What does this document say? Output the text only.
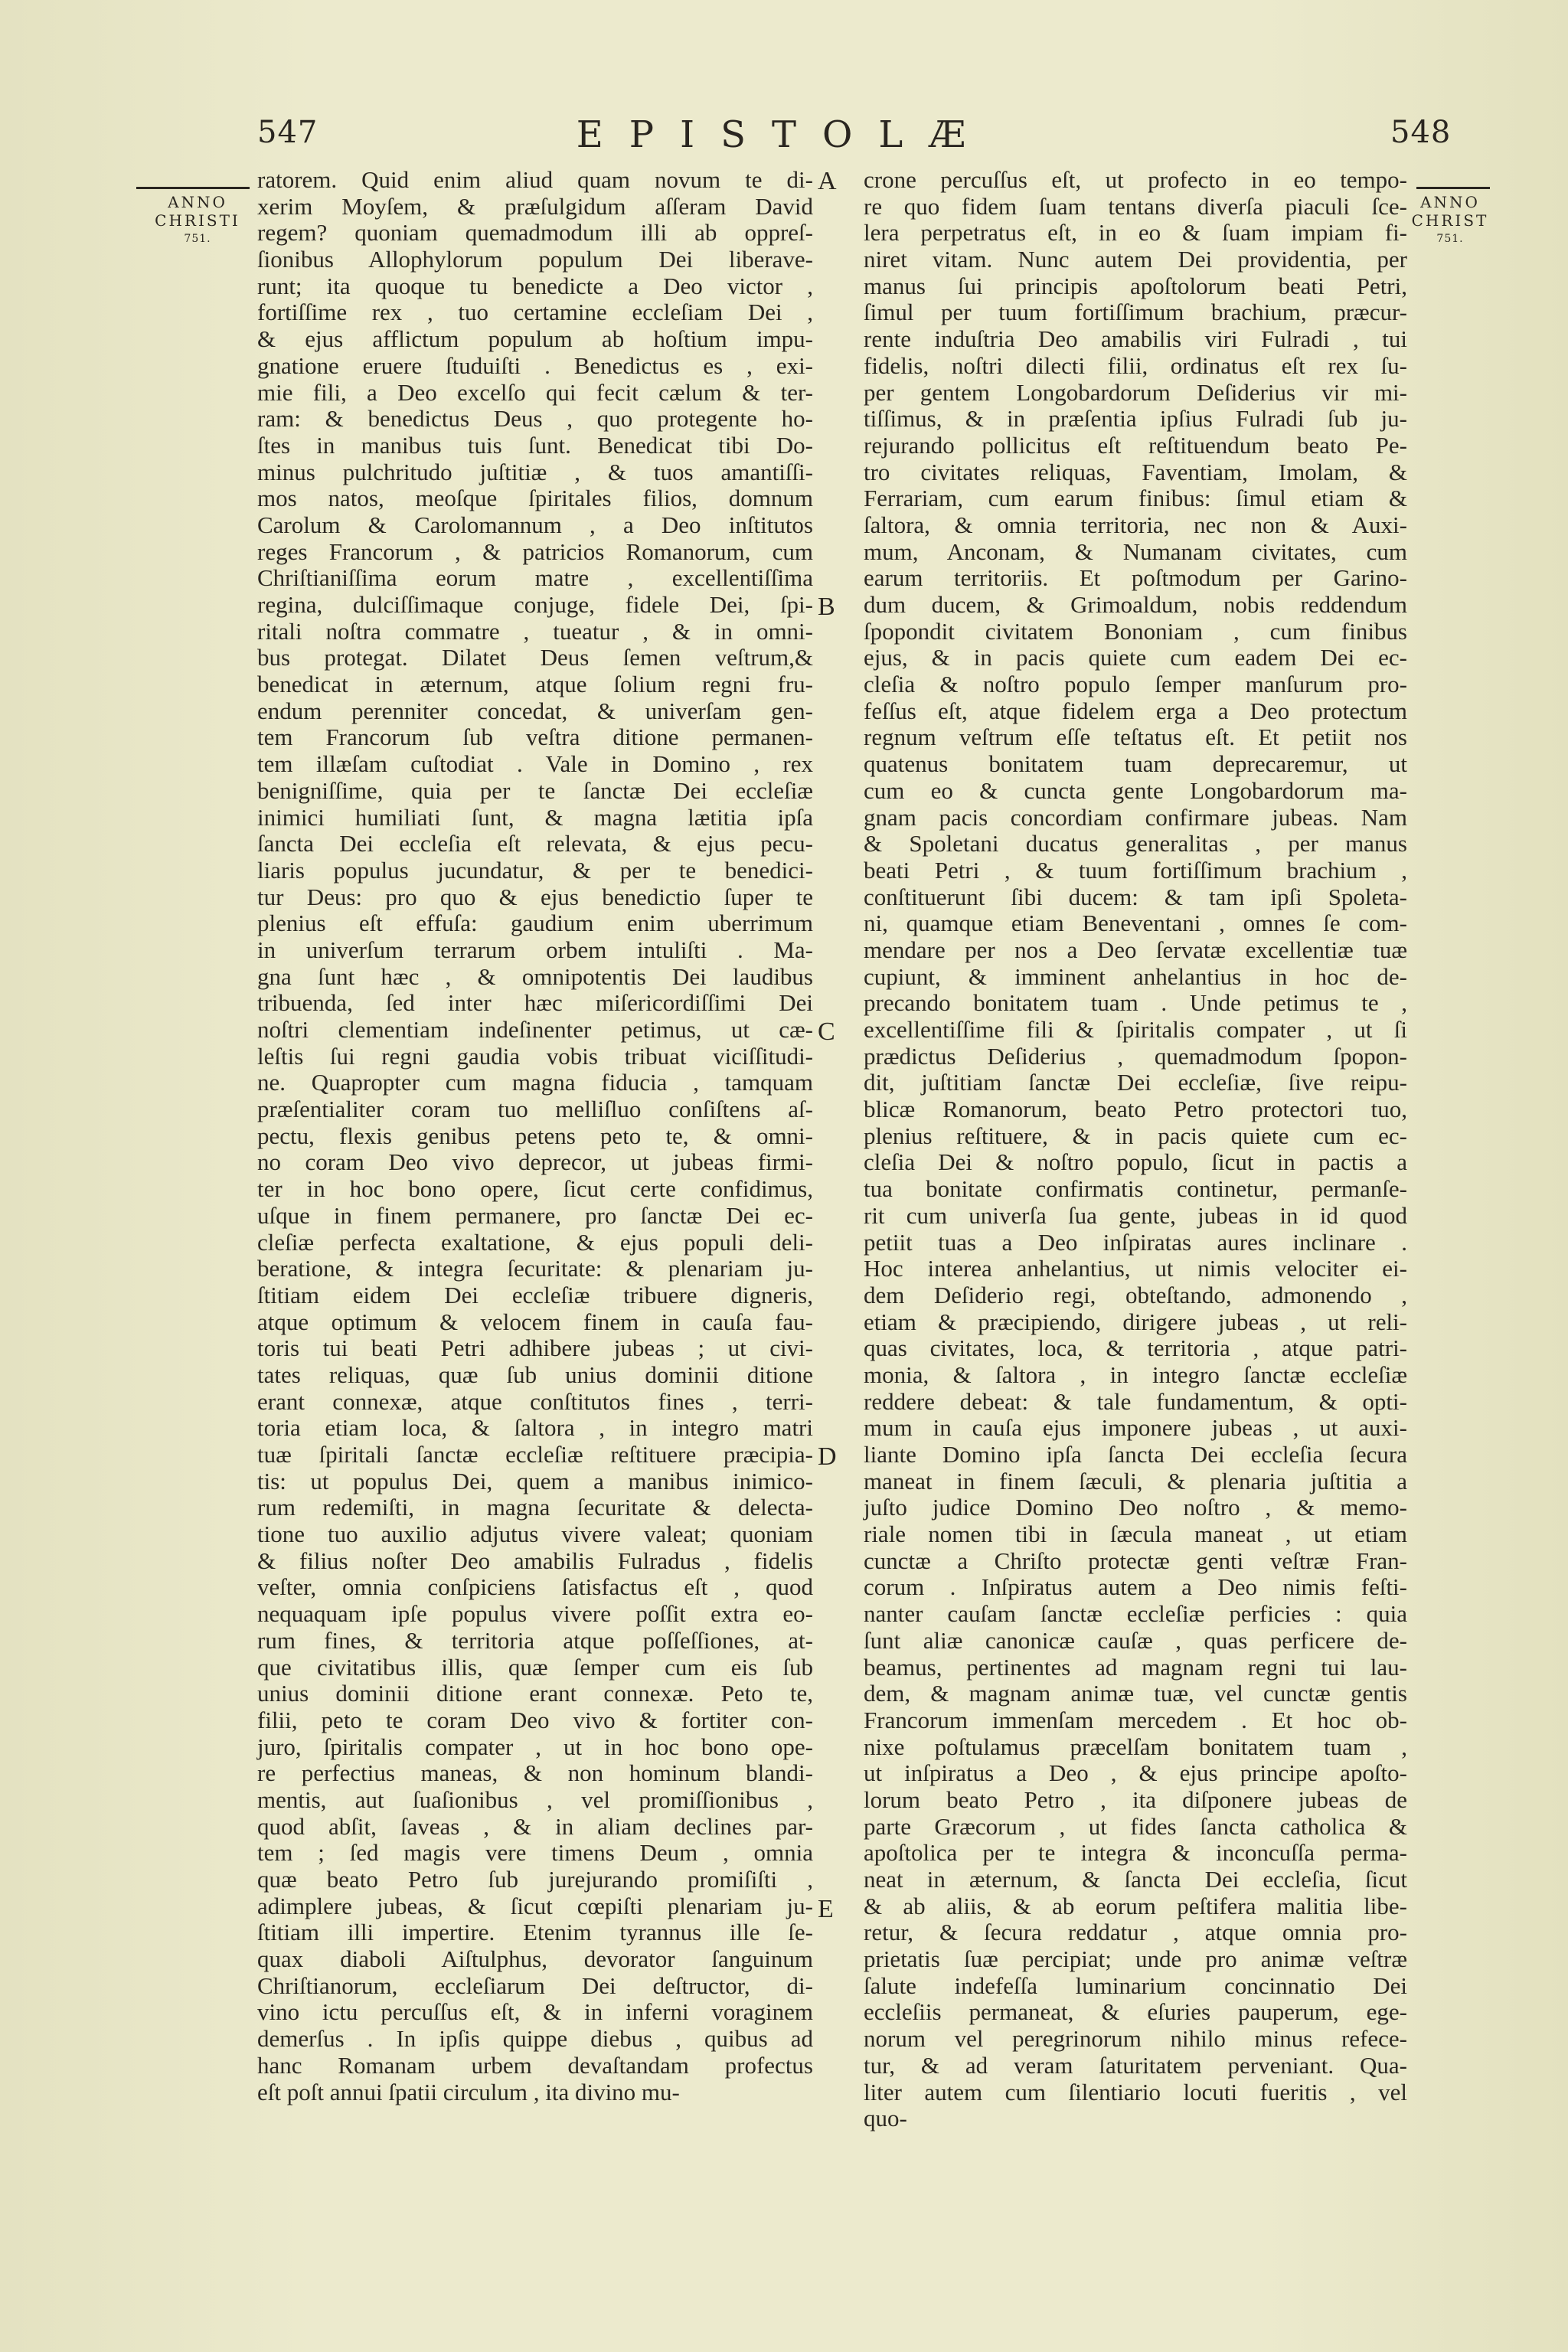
547	EPISTOLÆ	548
ANNO
CHRISTI
751.
ANNO
CHRIST
751.
A
B
C
D
E
ratorem. Quid enim aliud quam novum te di-
xerim Moyſem, & præſulgidum aſſeram David
regem? quoniam quemadmodum illi ab oppreſ-
ſionibus Allophylorum populum Dei liberave-
runt; ita quoque tu benedicte a Deo victor ,
fortiſſime rex , tuo certamine eccleſiam Dei ,
& ejus afflictum populum ab hoſtium impu-
gnatione eruere ſtuduiſti . Benedictus es , exi-
mie fili, a Deo excelſo qui fecit cælum & ter-
ram: & benedictus Deus , quo protegente ho-
ſtes in manibus tuis ſunt. Benedicat tibi Do-
minus pulchritudo juſtitiæ , & tuos amantiſſi-
mos natos, meoſque ſpiritales filios, domnum
Carolum & Carolomannum , a Deo inſtitutos
reges Francorum , & patricios Romanorum, cum
Chriſtianiſſima eorum matre , excellentiſſima
regina, dulciſſimaque conjuge, fidele Dei, ſpi-
ritali noſtra commatre , tueatur , & in omni-
bus protegat. Dilatet Deus ſemen veſtrum,&
benedicat in æternum, atque ſolium regni fru-
endum perenniter concedat, & univerſam gen-
tem Francorum ſub veſtra ditione permanen-
tem illæſam cuſtodiat . Vale in Domino , rex
benigniſſime, quia per te ſanctæ Dei eccleſiæ
inimici humiliati ſunt, & magna lætitia ipſa
ſancta Dei eccleſia eſt relevata, & ejus pecu-
liaris populus jucundatur, & per te benedici-
tur Deus: pro quo & ejus benedictio ſuper te
plenius eſt effuſa: gaudium enim uberrimum
in univerſum terrarum orbem intuliſti . Ma-
gna ſunt hæc , & omnipotentis Dei laudibus
tribuenda, ſed inter hæc miſericordiſſimi Dei
noſtri clementiam indeſinenter petimus, ut cæ-
leſtis ſui regni gaudia vobis tribuat viciſſitudi-
ne. Quapropter cum magna fiducia , tamquam
præſentialiter coram tuo melliſluo conſiſtens aſ-
pectu, flexis genibus petens peto te, & omni-
no coram Deo vivo deprecor, ut jubeas firmi-
ter in hoc bono opere, ſicut certe confidimus,
uſque in finem permanere, pro ſanctæ Dei ec-
cleſiæ perfecta exaltatione, & ejus populi deli-
beratione, & integra ſecuritate: & plenariam ju-
ſtitiam eidem Dei eccleſiæ tribuere digneris,
atque optimum & velocem finem in cauſa fau-
toris tui beati Petri adhibere jubeas ; ut civi-
tates reliquas, quæ ſub unius dominii ditione
erant connexæ, atque conſtitutos fines , terri-
toria etiam loca, & ſaltora , in integro matri
tuæ ſpiritali ſanctæ eccleſiæ reſtituere præcipia-
tis: ut populus Dei, quem a manibus inimico-
rum redemiſti, in magna ſecuritate & delecta-
tione tuo auxilio adjutus vivere valeat; quoniam
& filius noſter Deo amabilis Fulradus , fidelis
veſter, omnia conſpiciens ſatisfactus eſt , quod
nequaquam ipſe populus vivere poſſit extra eo-
rum fines, & territoria atque poſſeſſiones, at-
que civitatibus illis, quæ ſemper cum eis ſub
unius dominii ditione erant connexæ. Peto te,
filii, peto te coram Deo vivo & fortiter con-
juro, ſpiritalis compater , ut in hoc bono ope-
re perfectius maneas, & non hominum blandi-
mentis, aut ſuaſionibus , vel promiſſionibus ,
quod abſit, ſaveas , & in aliam declines par-
tem ; ſed magis vere timens Deum , omnia
quæ beato Petro ſub jurejurando promiſiſti ,
adimplere jubeas, & ſicut cœpiſti plenariam ju-
ſtitiam illi impertire. Etenim tyrannus ille ſe-
quax diaboli Aiſtulphus, devorator ſanguinum
Chriſtianorum, eccleſiarum Dei deſtructor, di-
vino ictu percuſſus eſt, & in inferni voraginem
demerſus . In ipſis quippe diebus , quibus ad
hanc Romanam urbem devaſtandam profectus
eſt poſt annui ſpatii circulum , ita divino mu-
crone percuſſus eſt, ut profecto in eo tempo-
re quo fidem ſuam tentans diverſa piaculi ſce-
lera perpetratus eſt, in eo & ſuam impiam fi-
niret vitam. Nunc autem Dei providentia, per
manus ſui principis apoſtolorum beati Petri,
ſimul per tuum fortiſſimum brachium, præcur-
rente induſtria Deo amabilis viri Fulradi , tui
fidelis, noſtri dilecti filii, ordinatus eſt rex ſu-
per gentem Longobardorum Deſiderius vir mi-
tiſſimus, & in præſentia ipſius Fulradi ſub ju-
rejurando pollicitus eſt reſtituendum beato Pe-
tro civitates reliquas, Faventiam, Imolam, &
Ferrariam, cum earum finibus: ſimul etiam &
ſaltora, & omnia territoria, nec non & Auxi-
mum, Anconam, & Numanam civitates, cum
earum territoriis. Et poſtmodum per Garino-
dum ducem, & Grimoaldum, nobis reddendum
ſpopondit civitatem Bononiam , cum finibus
ejus, & in pacis quiete cum eadem Dei ec-
cleſia & noſtro populo ſemper manſurum pro-
feſſus eſt, atque fidelem erga a Deo protectum
regnum veſtrum eſſe teſtatus eſt. Et petiit nos
quatenus bonitatem tuam deprecaremur, ut
cum eo & cuncta gente Longobardorum ma-
gnam pacis concordiam confirmare jubeas. Nam
& Spoletani ducatus generalitas , per manus
beati Petri , & tuum fortiſſimum brachium ,
conſtituerunt ſibi ducem: & tam ipſi Spoleta-
ni, quamque etiam Beneventani , omnes ſe com-
mendare per nos a Deo ſervatæ excellentiæ tuæ
cupiunt, & imminent anhelantius in hoc de-
precando bonitatem tuam . Unde petimus te ,
excellentiſſime fili & ſpiritalis compater , ut ſi
prædictus Deſiderius , quemadmodum ſpopon-
dit, juſtitiam ſanctæ Dei eccleſiæ, ſive reipu-
blicæ Romanorum, beato Petro protectori tuo,
plenius reſtituere, & in pacis quiete cum ec-
cleſia Dei & noſtro populo, ſicut in pactis a
tua bonitate confirmatis continetur, permanſe-
rit cum univerſa ſua gente, jubeas in id quod
petiit tuas a Deo inſpiratas aures inclinare .
Hoc interea anhelantius, ut nimis velociter ei-
dem Deſiderio regi, obteſtando, admonendo ,
etiam & præcipiendo, dirigere jubeas , ut reli-
quas civitates, loca, & territoria , atque patri-
monia, & ſaltora , in integro ſanctæ eccleſiæ
reddere debeat: & tale fundamentum, & opti-
mum in cauſa ejus imponere jubeas , ut auxi-
liante Domino ipſa ſancta Dei eccleſia ſecura
maneat in finem ſæculi, & plenaria juſtitia a
juſto judice Domino Deo noſtro , & memo-
riale nomen tibi in ſæcula maneat , ut etiam
cunctæ a Chriſto protectæ genti veſtræ Fran-
corum . Inſpiratus autem a Deo nimis feſti-
nanter cauſam ſanctæ eccleſiæ perficies : quia
ſunt aliæ canonicæ cauſæ , quas perficere de-
beamus, pertinentes ad magnam regni tui lau-
dem, & magnam animæ tuæ, vel cunctæ gentis
Francorum immenſam mercedem . Et hoc ob-
nixe poſtulamus præcelſam bonitatem tuam ,
ut inſpiratus a Deo , & ejus principe apoſto-
lorum beato Petro , ita diſponere jubeas de
parte Græcorum , ut fides ſancta catholica &
apoſtolica per te integra & inconcuſſa perma-
neat in æternum, & ſancta Dei eccleſia, ſicut
& ab aliis, & ab eorum peſtifera malitia libe-
retur, & ſecura reddatur , atque omnia pro-
prietatis ſuæ percipiat; unde pro animæ veſtræ
ſalute indefeſſa luminarium concinnatio Dei
eccleſiis permaneat, & eſuries pauperum, ege-
norum vel peregrinorum nihilo minus refece-
tur, & ad veram ſaturitatem perveniant. Qua-
liter autem cum ſilentiario locuti fueritis , vel
quo-
